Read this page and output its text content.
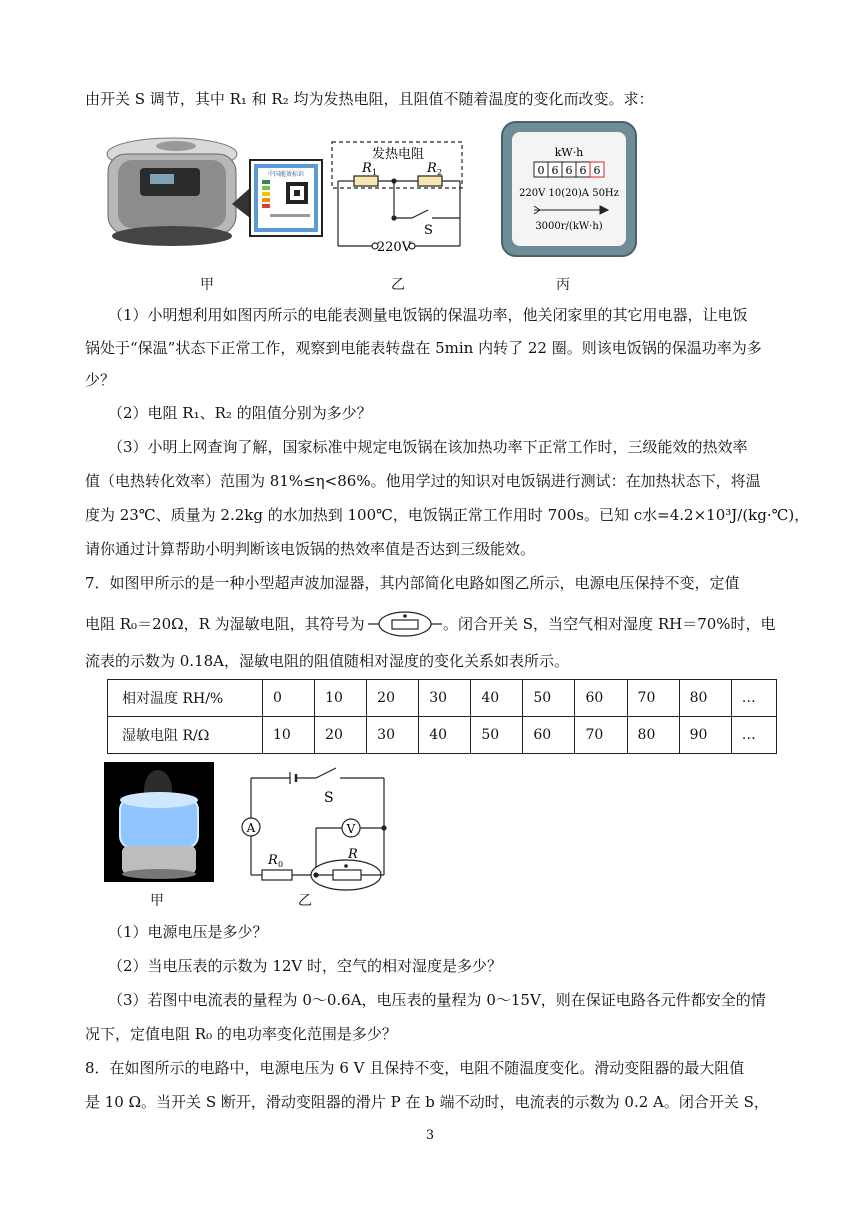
由开关 S 调节，其中 R₁ 和 R₂ 均为发热电阻，且阻值不随着温度的变化而改变。求：
中国能效标识
发热电阻
R 1	R 2
S
220V
kW·h
0 6 6 6 6
220V 10(20)A 50Hz
3000r/(kW·h)
甲	乙	丙
（1）小明想利用如图丙所示的电能表测量电饭锅的保温功率，他关闭家里的其它用电器，让电饭
锅处于“保温”状态下正常工作，观察到电能表转盘在 5min 内转了 22 圈。则该电饭锅的保温功率为多
少？
（2）电阻 R₁、R₂ 的阻值分别为多少？
（3）小明上网查询了解，国家标准中规定电饭锅在该加热功率下正常工作时，三级能效的热效率
值（电热转化效率）范围为 81%≤η<86%。他用学过的知识对电饭锅进行测试：在加热状态下，将温
度为 23℃、质量为 2.2kg 的水加热到 100℃，电饭锅正常工作用时 700s。已知 c水=4.2×10³J/(kg·℃)，
请你通过计算帮助小明判断该电饭锅的热效率值是否达到三级能效。
7．如图甲所示的是一种小型超声波加湿器，其内部简化电路如图乙所示，电源电压保持不变，定值
电阻 R₀＝20Ω，R 为湿敏电阻，其符号为	。闭合开关 S，当空气相对湿度 RH＝70%时，电
流表的示数为 0.18A，湿敏电阻的阻值随相对湿度的变化关系如表所示。
相对温度 RH/%	0	10	20	30	40	50	60	70	80	…
湿敏电阻 R/Ω	10	20	30	40	50	60	70	80	90	…
S
A	V
R 0
R
甲	乙
（1）电源电压是多少？
（2）当电压表的示数为 12V 时，空气的相对湿度是多少？
（3）若图中电流表的量程为 0～0.6A，电压表的量程为 0～15V，则在保证电路各元件都安全的情
况下，定值电阻 R₀ 的电功率变化范围是多少？
8．在如图所示的电路中，电源电压为 6 V 且保持不变，电阻不随温度变化。滑动变阻器的最大阻值
是 10 Ω。当开关 S 断开，滑动变阻器的滑片 P 在 b 端不动时，电流表的示数为 0.2 A。闭合开关 S，
3
